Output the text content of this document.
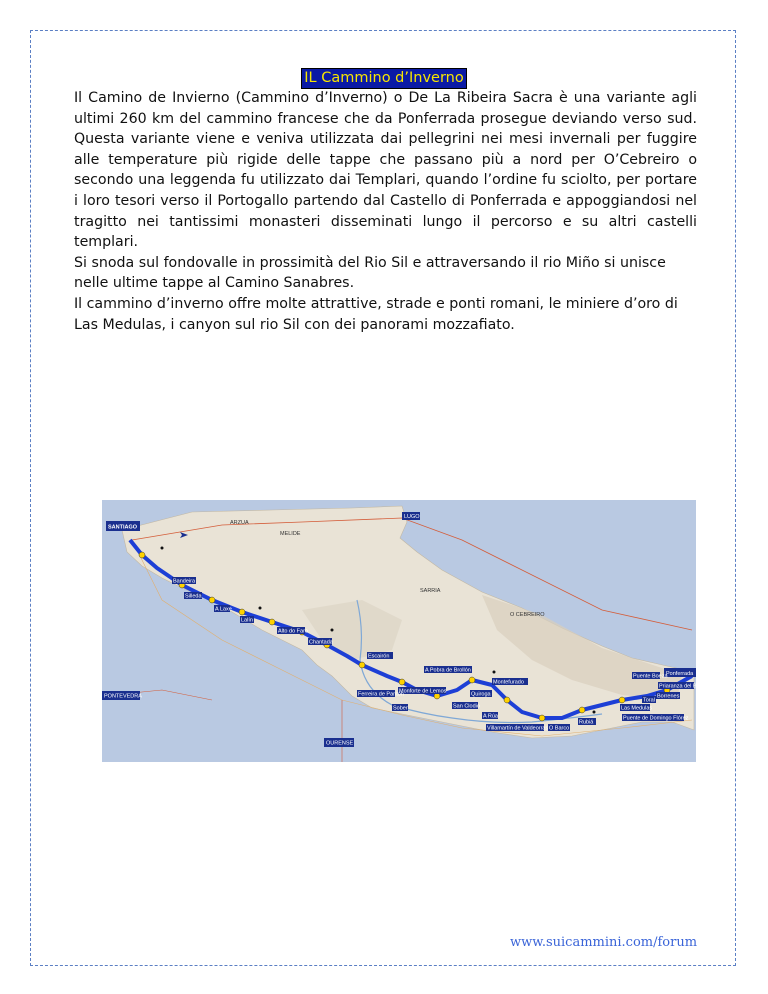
IL Cammino d’Inverno

Il Camino de Invierno (Cammino d’Inverno) o De La Ribeira Sacra è una variante agli ultimi 260 km del cammino francese che da Ponferrada prosegue deviando verso sud. Questa variante viene e veniva utilizzata dai pellegrini nei mesi invernali per fuggire alle temperature più rigide delle tappe che passano più a nord per O’Cebreiro o secondo una leggenda fu utilizzato dai Templari, quando l’ordine fu sciolto, per portare i loro tesori verso il Portogallo partendo dal Castello di Ponferrada e appoggiandosi nel tragitto nei tantissimi monasteri disseminati lungo il percorso e su altri castelli templari.

Si snoda sul fondovalle in prossimità del Rio Sil e attraversando il rio Miño si unisce nelle ultime tappe al Camino Sanabres.

Il cammino d’inverno offre molte attrattive, strade e ponti romani, le miniere d’oro di Las Medulas, i canyon sul rio Sil con dei panorami mozzafiato.

SANTIAGO
LUGO
ARZUA
MELIDE
SARRIA
O CEBREIRO
Ponferrada
PONTEVEDRA
OURENSE
Bandeira
Silleda
A Laxe
Lalín
Alto do Faro
Chantada
Escairón
A Pobra de Brollón
Monforte de Lemos
Ferreira de Pantón
Sober
Quiroga
Montefurado
San Clodio
A Rúa
Villamartín de Valdeorras O Barco
Rubiá
Puente de Domingo Flórez
Las Medulas
Borrenes
Priaranza del Bierzo
Puente Boeza
Toral
www.suicammini.com/forum
